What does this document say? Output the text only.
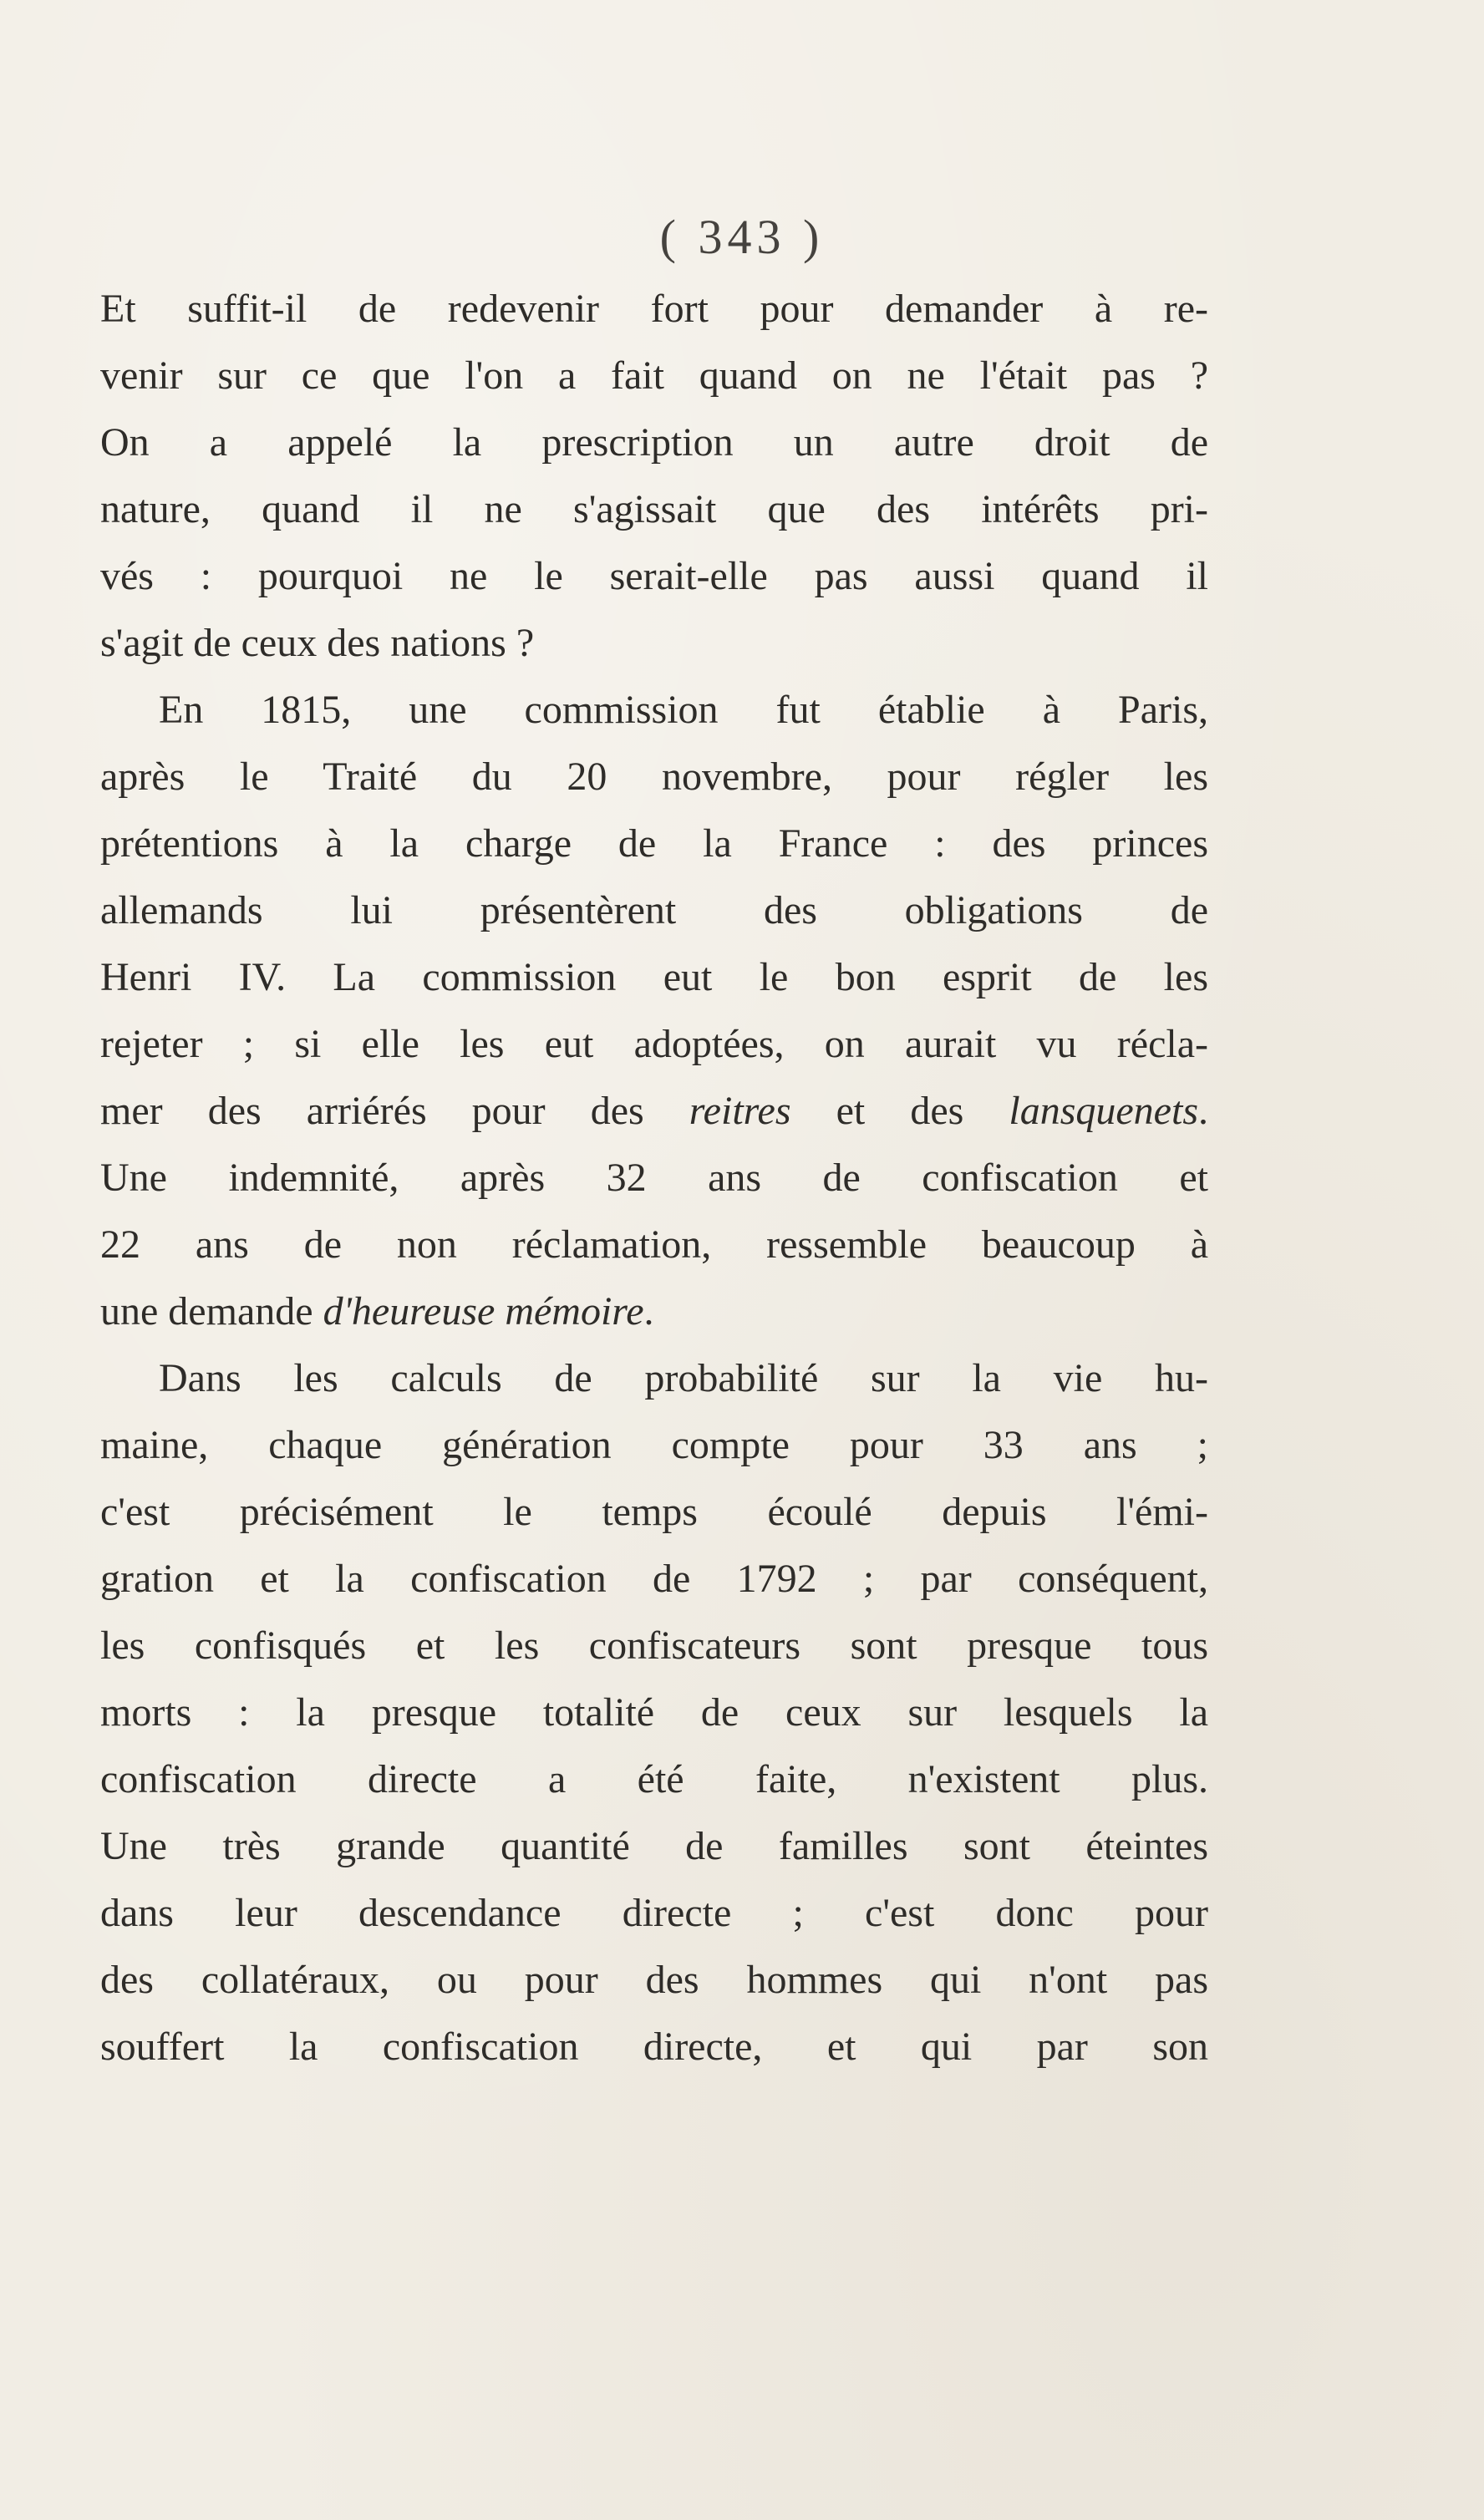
( 343 )
Et suffit-il de redevenir fort pour demander à re-
venir sur ce que l'on a fait quand on ne l'était pas ?
On a appelé la prescription un autre droit de
nature, quand il ne s'agissait que des intérêts pri-
vés : pourquoi ne le serait-elle pas aussi quand il
s'agit de ceux des nations ?
En 1815, une commission fut établie à Paris,
après le Traité du 20 novembre, pour régler les
prétentions à la charge de la France : des princes
allemands lui présentèrent des obligations de
Henri IV. La commission eut le bon esprit de les
rejeter ; si elle les eut adoptées, on aurait vu récla-
mer des arriérés pour des reitres et des lansquenets.
Une indemnité, après 32 ans de confiscation et
22 ans de non réclamation, ressemble beaucoup à
une demande d'heureuse mémoire.
Dans les calculs de probabilité sur la vie hu-
maine, chaque génération compte pour 33 ans ;
c'est précisément le temps écoulé depuis l'émi-
gration et la confiscation de 1792 ; par conséquent,
les confisqués et les confiscateurs sont presque tous
morts : la presque totalité de ceux sur lesquels la
confiscation directe a été faite, n'existent plus.
Une très grande quantité de familles sont éteintes
dans leur descendance directe ; c'est donc pour
des collatéraux, ou pour des hommes qui n'ont pas
souffert la confiscation directe, et qui par son
